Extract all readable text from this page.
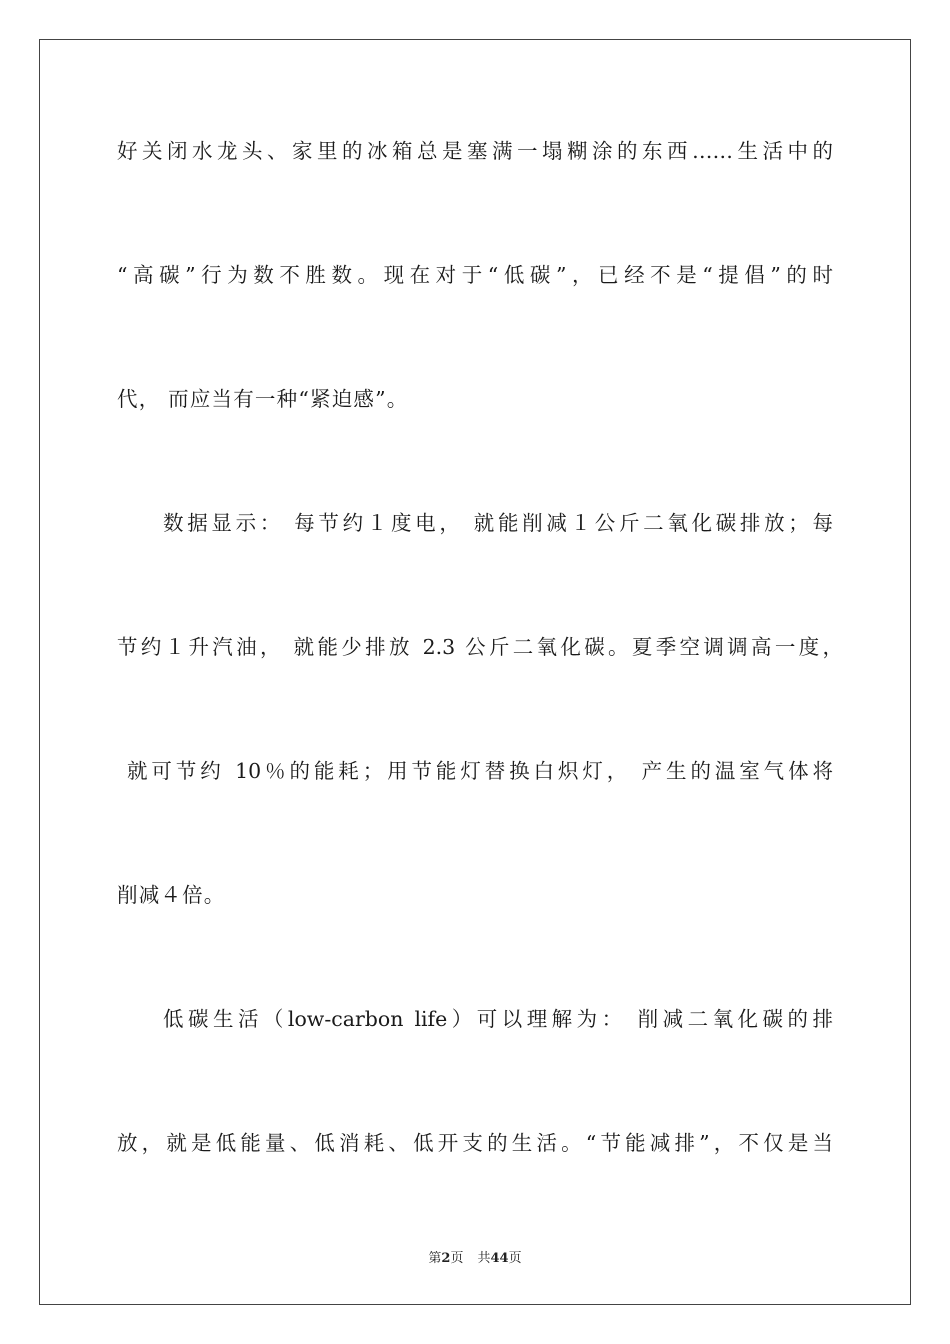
好关闭水龙头、家里的冰箱总是塞满一塌糊涂的东西……生活中的

“高碳”行为数不胜数。现在对于“低碳”，已经不是“提倡”的时

代， 而应当有一种“紧迫感”。

数据显示： 每节约１度电， 就能削减１公斤二氧化碳排放；每

节约１升汽油， 就能少排放 2.3 公斤二氧化碳。夏季空调调高一度，

就可节约 10％的能耗；用节能灯替换白炽灯， 产生的温室气体将

削减４倍。

低碳生活（low-carbon life）可以理解为： 削减二氧化碳的排

放，就是低能量、低消耗、低开支的生活。“节能减排”，不仅是当

第2页 共44页
